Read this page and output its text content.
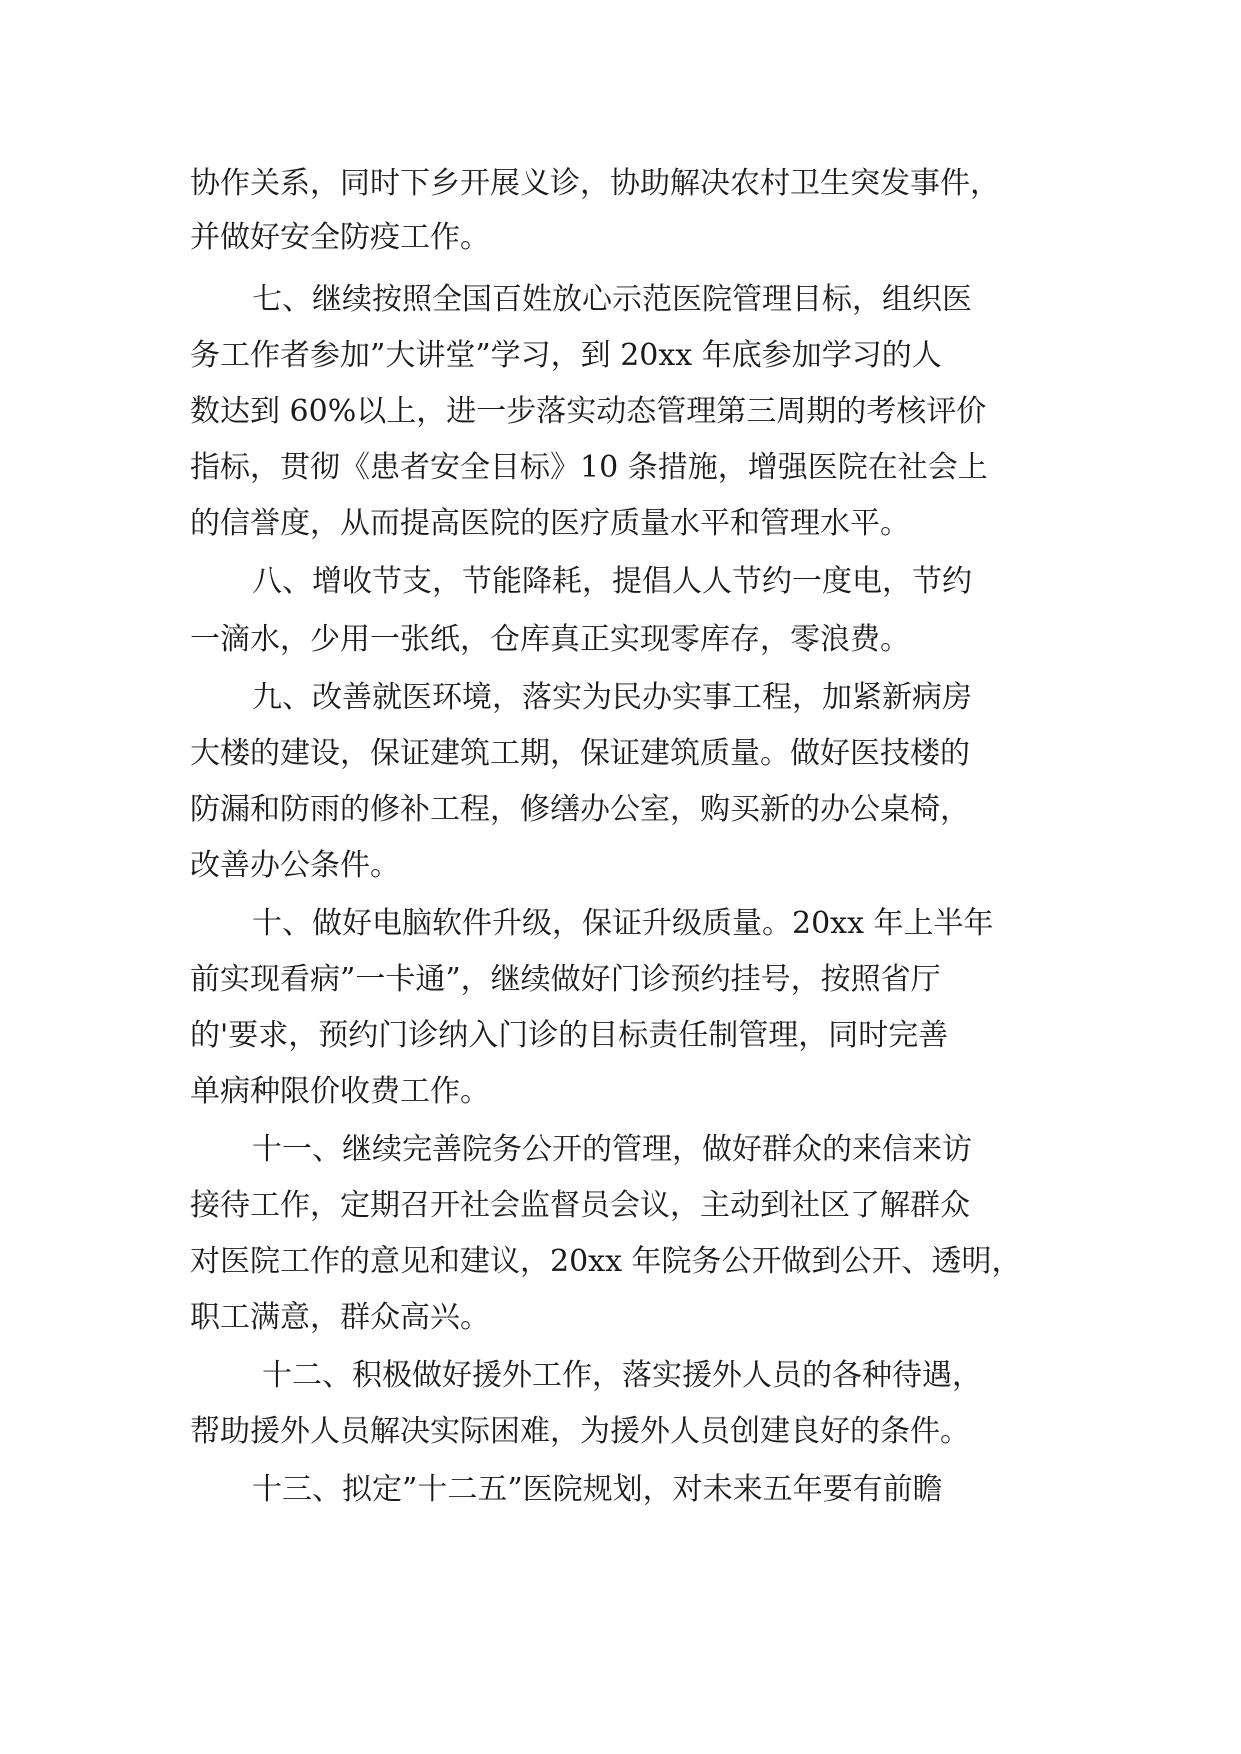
协作关系，同时下乡开展义诊，协助解决农村卫生突发事件，
并做好安全防疫工作。
七、继续按照全国百姓放心示范医院管理目标，组织医
务工作者参加”大讲堂”学习，到 20xx 年底参加学习的人
数达到 60%以上，进一步落实动态管理第三周期的考核评价
指标，贯彻《患者安全目标》10 条措施，增强医院在社会上
的信誉度，从而提高医院的医疗质量水平和管理水平。
八、增收节支，节能降耗，提倡人人节约一度电，节约
一滴水，少用一张纸，仓库真正实现零库存，零浪费。
九、改善就医环境，落实为民办实事工程，加紧新病房
大楼的建设，保证建筑工期，保证建筑质量。做好医技楼的
防漏和防雨的修补工程，修缮办公室，购买新的办公桌椅，
改善办公条件。
十、做好电脑软件升级，保证升级质量。20xx 年上半年
前实现看病”一卡通”，继续做好门诊预约挂号，按照省厅
的'要求，预约门诊纳入门诊的目标责任制管理，同时完善
单病种限价收费工作。
十一、继续完善院务公开的管理，做好群众的来信来访
接待工作，定期召开社会监督员会议，主动到社区了解群众
对医院工作的意见和建议，20xx 年院务公开做到公开、透明，
职工满意，群众高兴。
十二、积极做好援外工作，落实援外人员的各种待遇，
帮助援外人员解决实际困难，为援外人员创建良好的条件。
十三、拟定”十二五”医院规划，对未来五年要有前瞻
